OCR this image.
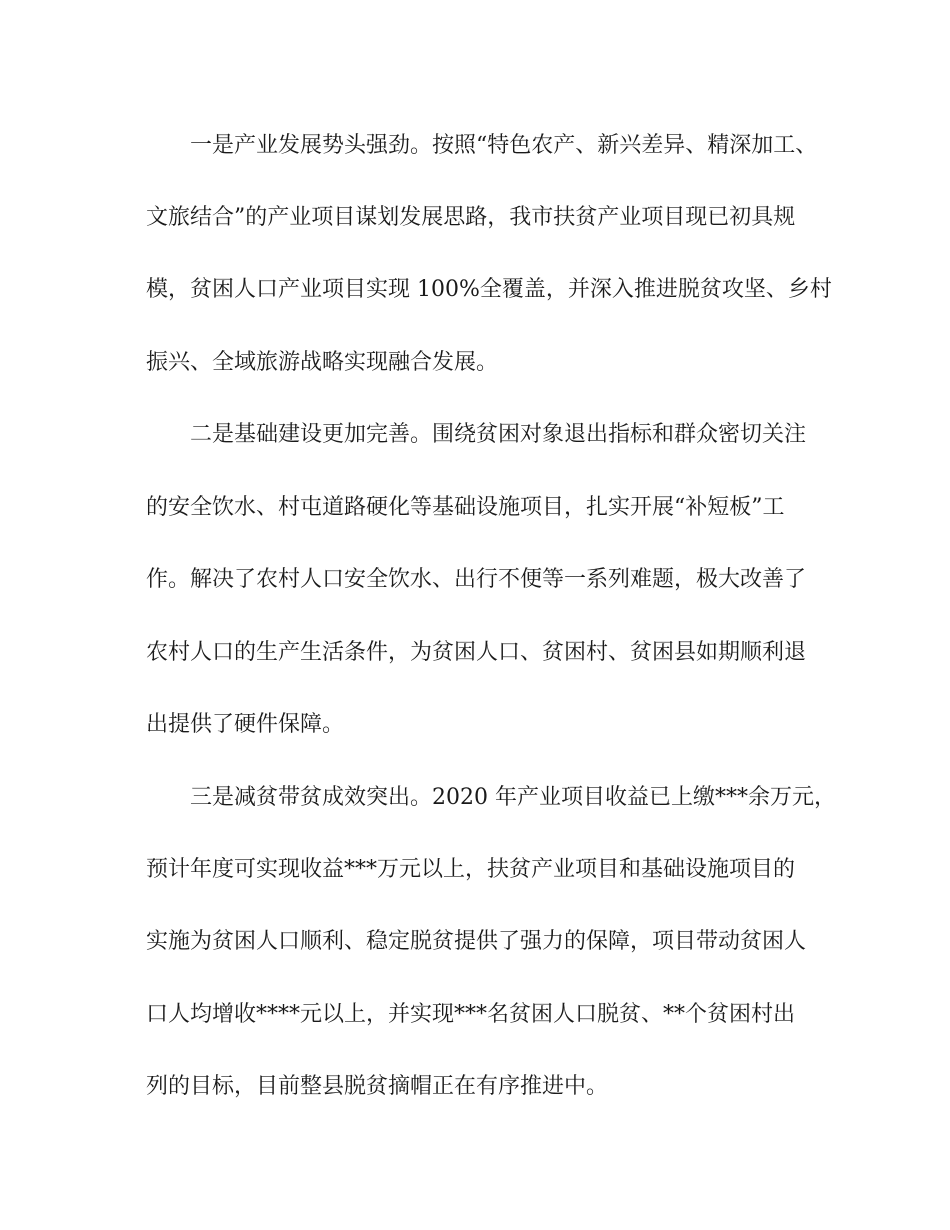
一是产业发展势头强劲。按照“特色农产、新兴差异、精深加工、
文旅结合”的产业项目谋划发展思路，我市扶贫产业项目现已初具规
模，贫困人口产业项目实现 100%全覆盖，并深入推进脱贫攻坚、乡村
振兴、全域旅游战略实现融合发展。
二是基础建设更加完善。围绕贫困对象退出指标和群众密切关注
的安全饮水、村屯道路硬化等基础设施项目，扎实开展“补短板”工
作。解决了农村人口安全饮水、出行不便等一系列难题，极大改善了
农村人口的生产生活条件，为贫困人口、贫困村、贫困县如期顺利退
出提供了硬件保障。
三是减贫带贫成效突出。2020 年产业项目收益已上缴***余万元，
预计年度可实现收益***万元以上，扶贫产业项目和基础设施项目的
实施为贫困人口顺利、稳定脱贫提供了强力的保障，项目带动贫困人
口人均增收****元以上，并实现***名贫困人口脱贫、**个贫困村出
列的目标，目前整县脱贫摘帽正在有序推进中。
